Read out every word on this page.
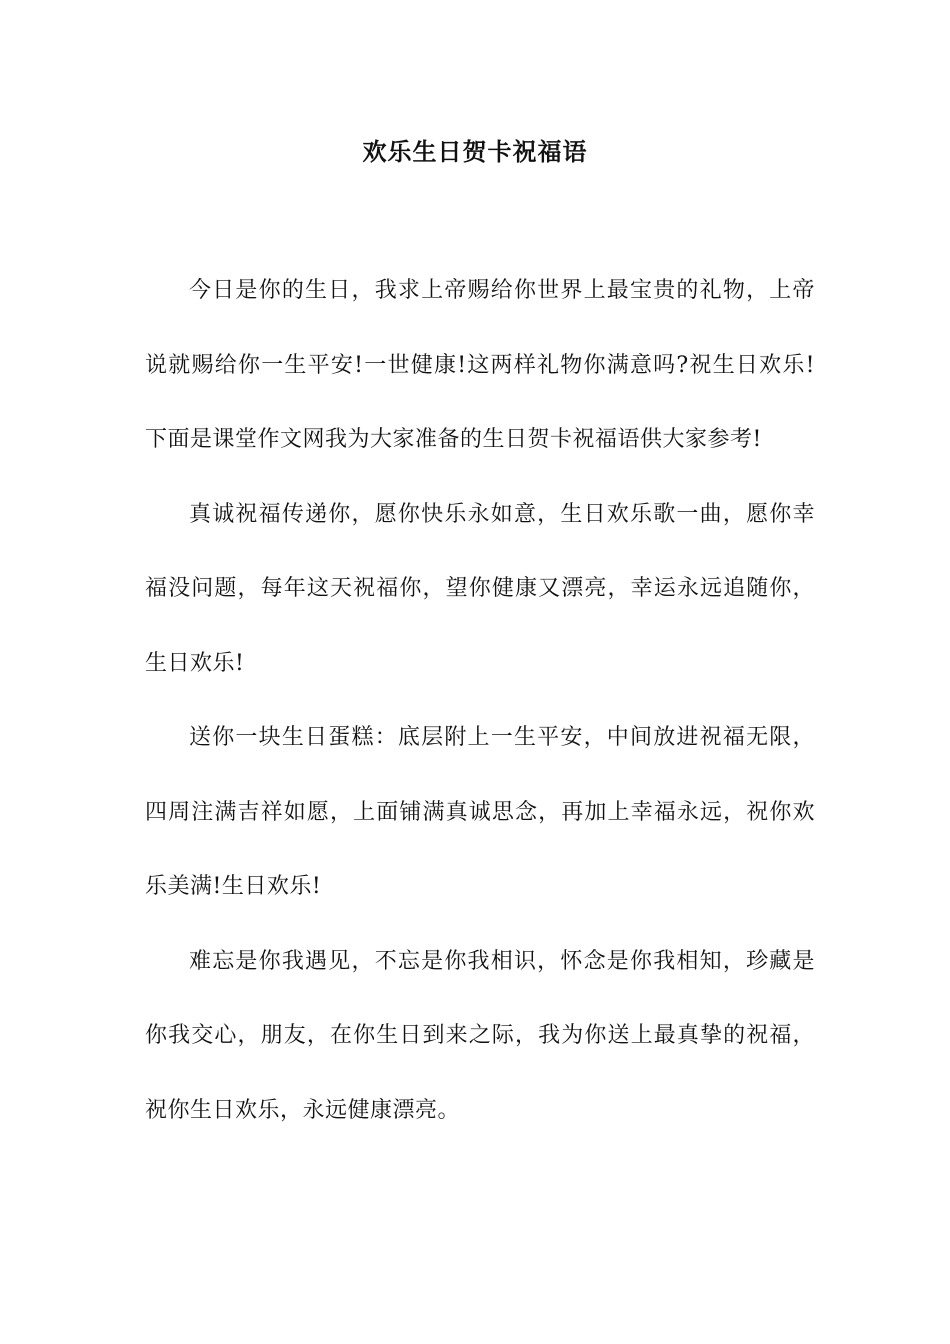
欢乐生日贺卡祝福语

今日是你的生日，我求上帝赐给你世界上最宝贵的礼物，上帝说就赐给你一生平安!一世健康!这两样礼物你满意吗?祝生日欢乐!下面是课堂作文网我为大家准备的生日贺卡祝福语供大家参考!

真诚祝福传递你，愿你快乐永如意，生日欢乐歌一曲，愿你幸福没问题，每年这天祝福你，望你健康又漂亮，幸运永远追随你，生日欢乐!

送你一块生日蛋糕：底层附上一生平安，中间放进祝福无限，四周注满吉祥如愿，上面铺满真诚思念，再加上幸福永远，祝你欢乐美满!生日欢乐!

难忘是你我遇见，不忘是你我相识，怀念是你我相知，珍藏是你我交心，朋友，在你生日到来之际，我为你送上最真挚的祝福，祝你生日欢乐，永远健康漂亮。
